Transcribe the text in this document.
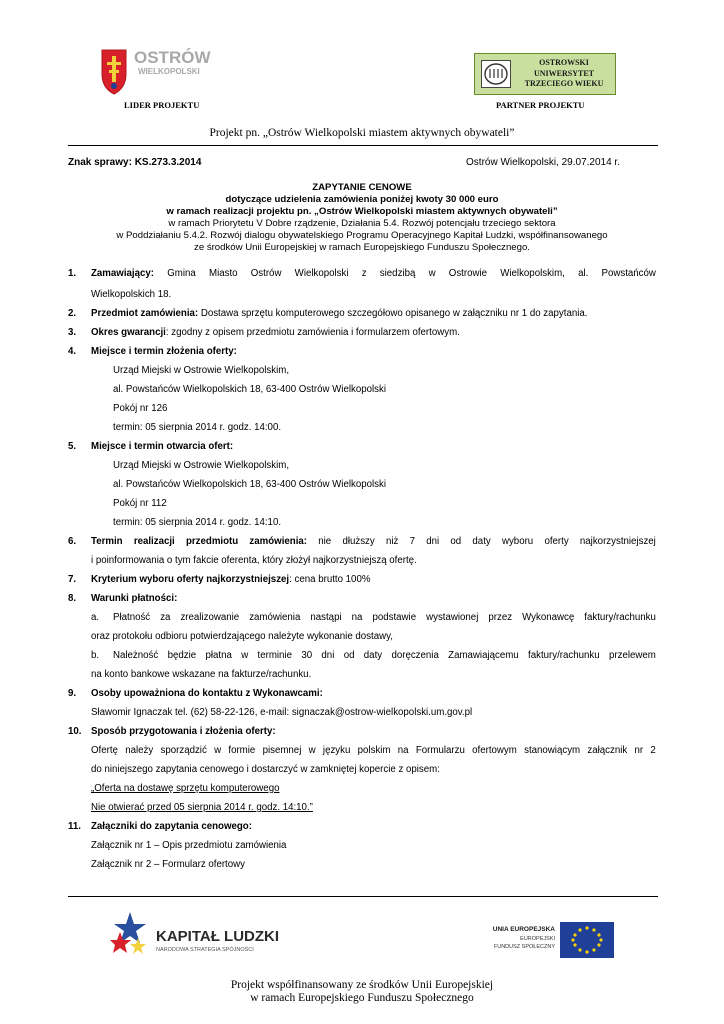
OSTRÓW
WIELKOPOLSKI
LIDER PROJEKTU
OSTROWSKI
UNIWERSYTET
TRZECIEGO WIEKU
PARTNER PROJEKTU
Projekt pn. „Ostrów Wielkopolski miastem aktywnych obywateli”
Znak sprawy: KS.273.3.2014	Ostrów Wielkopolski, 29.07.2014 r.
ZAPYTANIE CENOWE
dotyczące udzielenia zamówienia poniżej kwoty 30 000 euro
w ramach realizacji projektu pn. „Ostrów Wielkopolski miastem aktywnych obywateli”
w ramach Priorytetu V Dobre rządzenie, Działania 5.4. Rozwój potencjału trzeciego sektora
w Poddziałaniu 5.4.2. Rozwój dialogu obywatelskiego Programu Operacyjnego Kapitał Ludzki, współfinansowanego
ze środków Unii Europejskiej w ramach Europejskiego Funduszu Społecznego.
1. Zamawiający: Gmina Miasto Ostrów Wielkopolski z siedzibą w Ostrowie Wielkopolskim, al. Powstańców
Wielkopolskich 18.
2. Przedmiot zamówienia: Dostawa sprzętu komputerowego szczegółowo opisanego w załączniku nr 1 do zapytania.
3. Okres gwarancji: zgodny z opisem przedmiotu zamówienia i formularzem ofertowym.
4. Miejsce i termin złożenia oferty:
Urząd Miejski w Ostrowie Wielkopolskim,
al. Powstańców Wielkopolskich 18, 63-400 Ostrów Wielkopolski
Pokój nr 126
termin: 05 sierpnia 2014 r. godz. 14:00.
5. Miejsce i termin otwarcia ofert:
Urząd Miejski w Ostrowie Wielkopolskim,
al. Powstańców Wielkopolskich 18, 63-400 Ostrów Wielkopolski
Pokój nr 112
termin: 05 sierpnia 2014 r. godz. 14:10.
6. Termin realizacji przedmiotu zamówienia: nie dłuższy niż 7 dni od daty wyboru oferty najkorzystniejszej
i poinformowania o tym fakcie oferenta, który złożył najkorzystniejszą ofertę.
7. Kryterium wyboru oferty najkorzystniejszej: cena brutto 100%
8. Warunki płatności:
a. Płatność za zrealizowanie zamówienia nastąpi na podstawie wystawionej przez Wykonawcę faktury/rachunku
oraz protokołu odbioru potwierdzającego należyte wykonanie dostawy,
b. Należność będzie płatna w terminie 30 dni od daty doręczenia Zamawiającemu faktury/rachunku przelewem
na konto bankowe wskazane na fakturze/rachunku.
9. Osoby upoważniona do kontaktu z Wykonawcami:
Sławomir Ignaczak tel. (62) 58-22-126, e-mail: signaczak@ostrow-wielkopolski.um.gov.pl
10. Sposób przygotowania i złożenia oferty:
Ofertę należy sporządzić w formie pisemnej w języku polskim na Formularzu ofertowym stanowiącym załącznik nr 2
do niniejszego zapytania cenowego i dostarczyć w zamkniętej kopercie z opisem:
„Oferta na dostawę sprzętu komputerowego
Nie otwierać przed 05 sierpnia 2014 r. godz. 14:10.”
11. Załączniki do zapytania cenowego:
Załącznik nr 1 – Opis przedmiotu zamówienia
Załącznik nr 2 – Formularz ofertowy
KAPITAŁ LUDZKI
NARODOWA STRATEGIA SPÓJNOŚCI
UNIA EUROPEJSKA
EUROPEJSKI
FUNDUSZ SPOŁECZNY
Projekt współfinansowany ze środków Unii Europejskiej
w ramach Europejskiego Funduszu Społecznego
